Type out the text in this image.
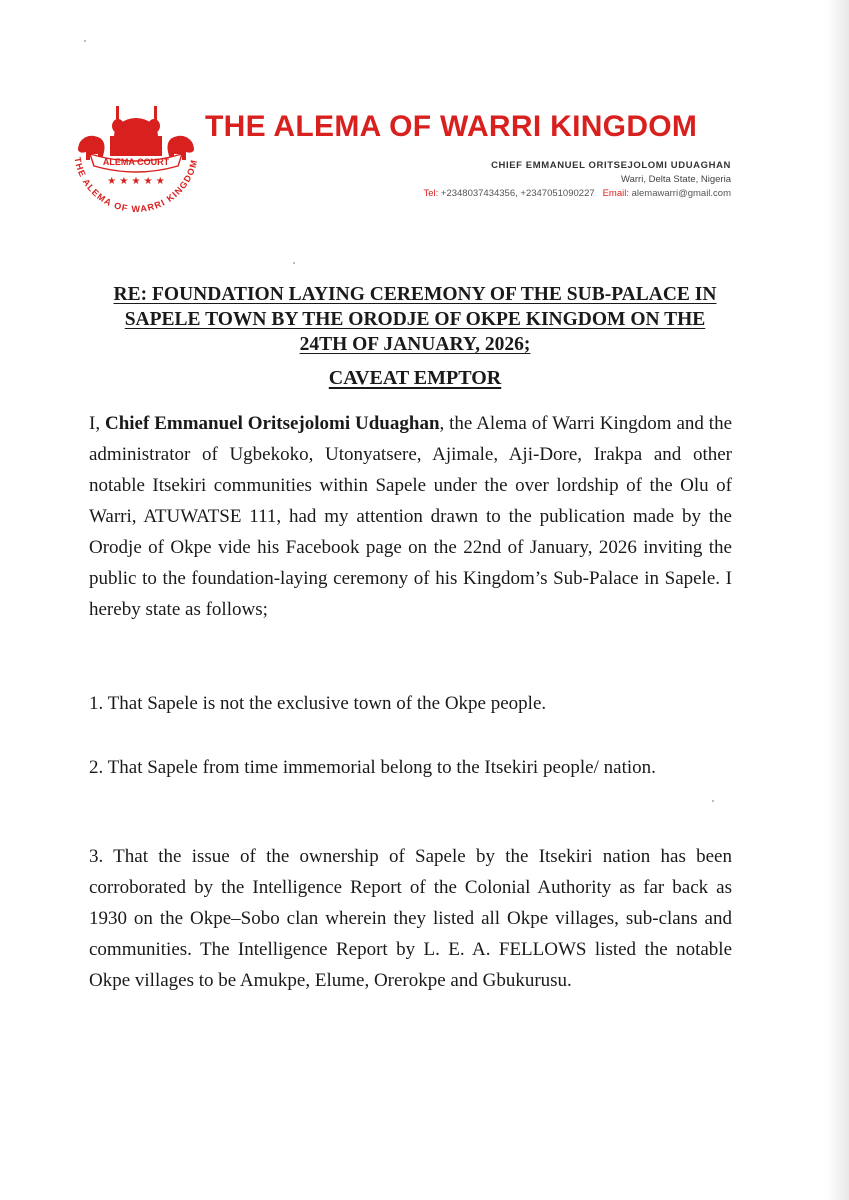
ALEMA COURT
★ ★ ★ ★ ★
THE ALEMA OF WARRI KINGDOM
THE ALEMA OF WARRI KINGDOM
CHIEF EMMANUEL ORITSEJOLOMI UDUAGHAN
Warri, Delta State, Nigeria
Tel: +2348037434356, +2347051090227 Email: alemawarri@gmail.com
RE: FOUNDATION LAYING CEREMONY OF THE SUB-PALACE IN
SAPELE TOWN BY THE ORODJE OF OKPE KINGDOM ON THE
24TH OF JANUARY, 2026;
CAVEAT EMPTOR
I, Chief Emmanuel Oritsejolomi Uduaghan, the Alema of Warri Kingdom and the administrator of Ugbekoko, Utonyatsere, Ajimale, Aji-Dore, Irakpa and other notable Itsekiri communities within Sapele under the over lordship of the Olu of Warri, ATUWATSE 111, had my attention drawn to the publication made by the Orodje of Okpe vide his Facebook page on the 22nd of January, 2026 inviting the public to the foundation-laying ceremony of his Kingdom’s Sub-Palace in Sapele. I hereby state as follows;
1. That Sapele is not the exclusive town of the Okpe people.
2. That Sapele from time immemorial belong to the Itsekiri people/ nation.
3. That the issue of the ownership of Sapele by the Itsekiri nation has been corroborated by the Intelligence Report of the Colonial Authority as far back as 1930 on the Okpe–Sobo clan wherein they listed all Okpe villages, sub-clans and communities. The Intelligence Report by L. E. A. FELLOWS listed the notable Okpe villages to be Amukpe, Elume, Orerokpe and Gbukurusu.
